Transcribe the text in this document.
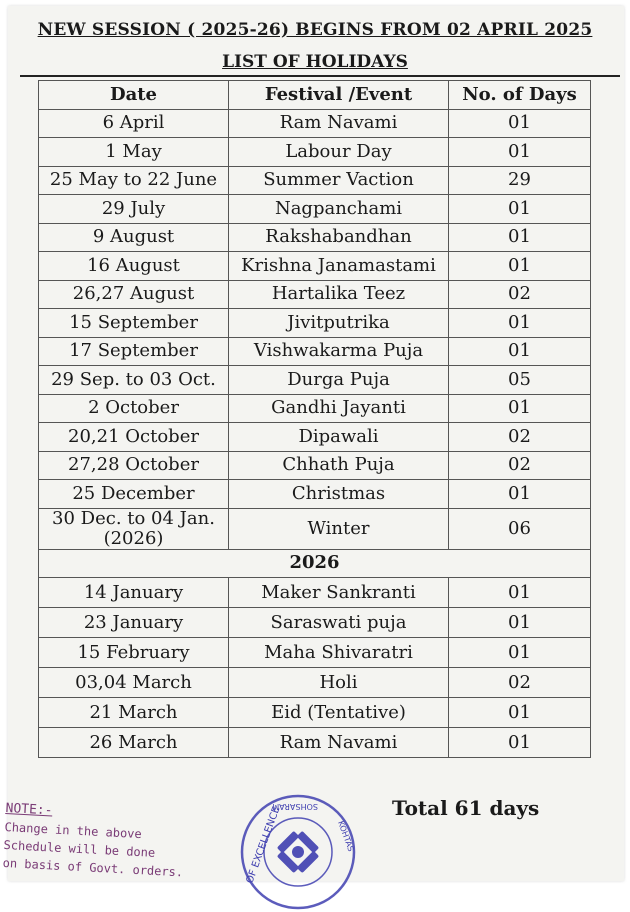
NEW SESSION ( 2025-26) BEGINS FROM 02 APRIL 2025
LIST OF HOLIDAYS
Date	Festival /Event	No. of Days
6 April	Ram Navami	01
1 May	Labour Day	01
25 May to 22 June	Summer Vaction	29
29 July	Nagpanchami	01
9 August	Rakshabandhan	01
16 August	Krishna Janamastami	01
26,27 August	Hartalika Teez	02
15 September	Jivitputrika	01
17 September	Vishwakarma Puja	01
29 Sep. to 03 Oct.	Durga Puja	05
2 October	Gandhi Jayanti	01
20,21 October	Dipawali	02
27,28 October	Chhath Puja	02
25 December	Christmas	01
30 Dec. to 04 Jan.
(2026)	Winter	06
2026		
14 January	Maker Sankranti	01
23 January	Saraswati puja	01
15 February	Maha Shivaratri	01
03,04 March	Holi	02
21 March	Eid (Tentative)	01
26 March	Ram Navami	01
Total 61 days
NOTE:-
Change in the above
Schedule will be done
on basis of Govt. orders.	OF EXCELLENCE
SOHSARAM
KOHTAS
